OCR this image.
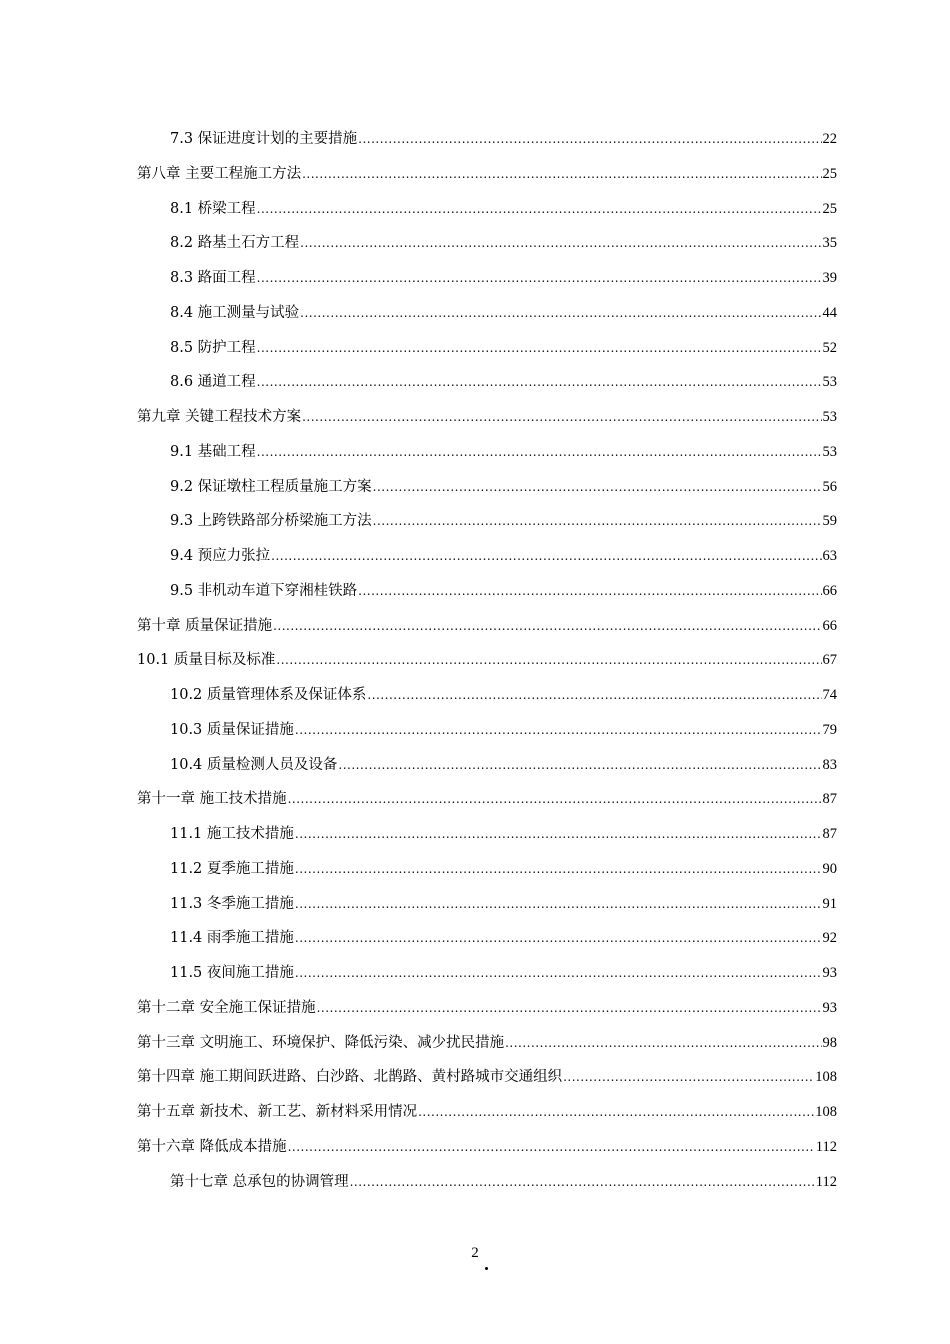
7.3 保证进度计划的主要措施 .....	22
第八章 主要工程施工方法 .....	25
8.1 桥梁工程 .....	25
8.2 路基土石方工程 .....	35
8.3 路面工程 .....	39
8.4 施工测量与试验 .....	44
8.5 防护工程 .....	52
8.6 通道工程 .....	53
第九章 关键工程技术方案 .....	53
9.1 基础工程 .....	53
9.2 保证墩柱工程质量施工方案 .....	56
9.3 上跨铁路部分桥梁施工方法 .....	59
9.4 预应力张拉 .....	63
9.5 非机动车道下穿湘桂铁路 .....	66
第十章 质量保证措施 .....	66
10.1 质量目标及标准 .....	67
10.2 质量管理体系及保证体系 .....	74
10.3 质量保证措施 .....	79
10.4 质量检测人员及设备 .....	83
第十一章 施工技术措施 .....	87
11.1 施工技术措施 .....	87
11.2 夏季施工措施 .....	90
11.3 冬季施工措施 .....	91
11.4 雨季施工措施 .....	92
11.5 夜间施工措施 .....	93
第十二章 安全施工保证措施 .....	93
第十三章 文明施工、环境保护、降低污染、减少扰民措施 .....	98
第十四章 施工期间跃进路、白沙路、北鹊路、黄村路城市交通组织 .....	108
第十五章 新技术、新工艺、新材料采用情况 .....	108
第十六章 降低成本措施 .....	112
第十七章 总承包的协调管理 .....	112
2
